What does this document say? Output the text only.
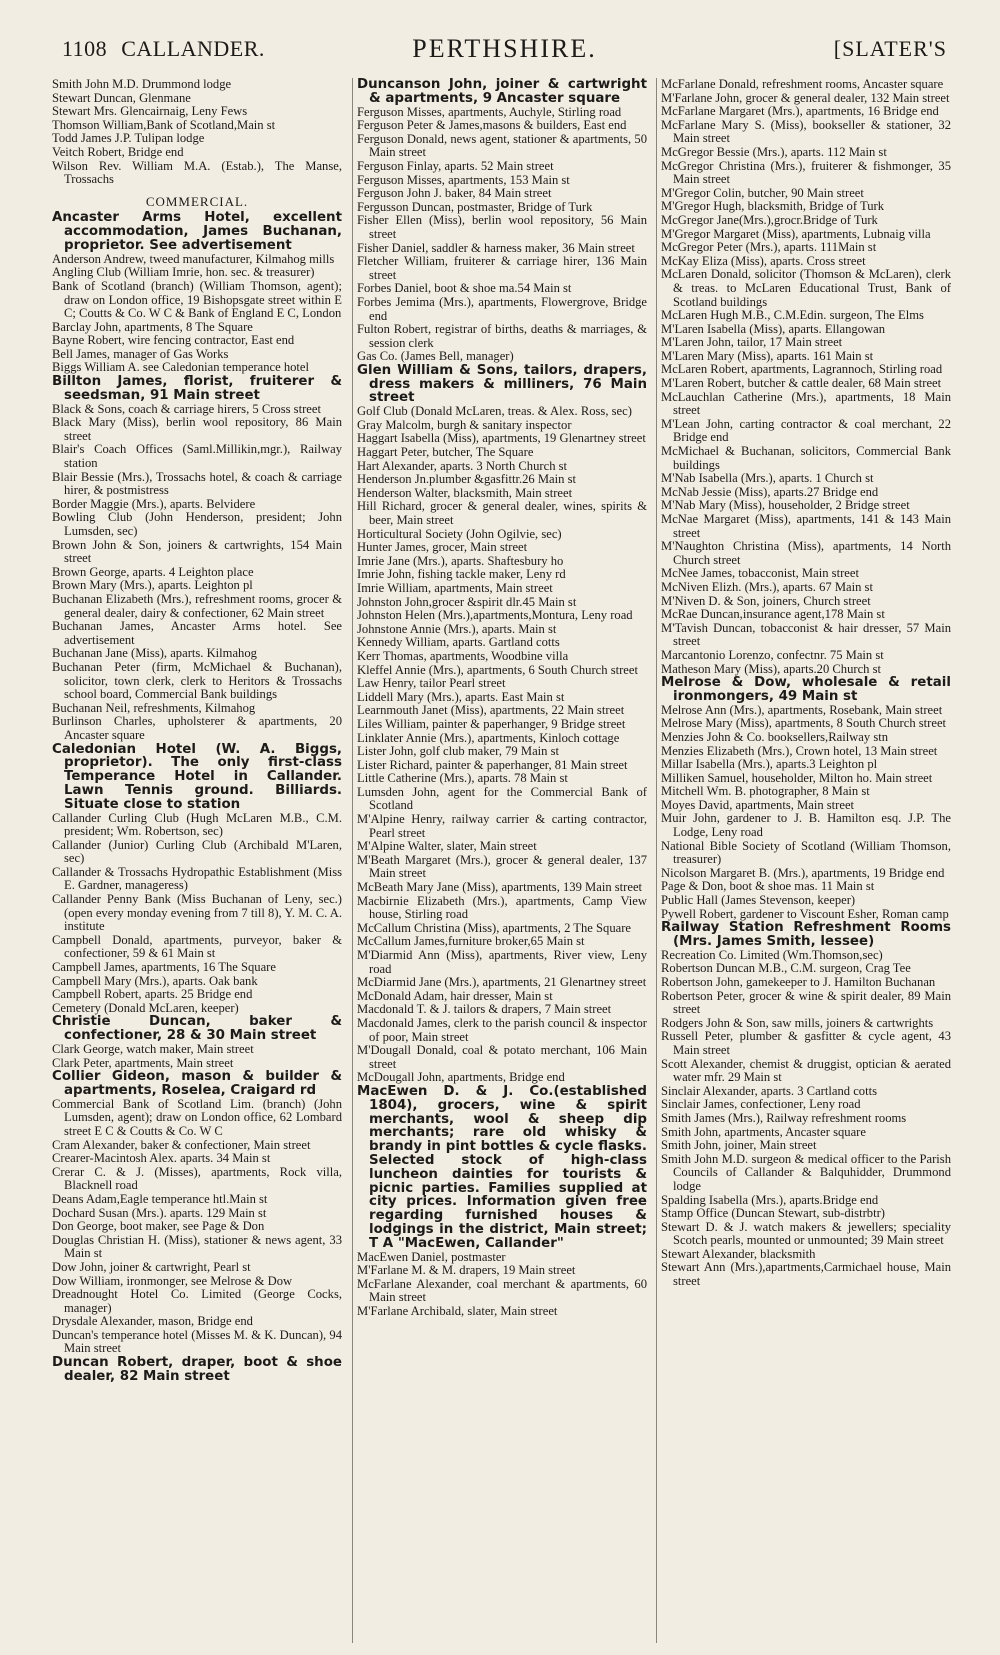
1108 CALLANDER.	PERTHSHIRE.	[SLATER'S
Smith John M.D. Drummond lodge
Stewart Duncan, Glenmane
Stewart Mrs. Glencairnaig, Leny Fews
Thomson William,Bank of Scotland,Main st
Todd James J.P. Tulipan lodge
Veitch Robert, Bridge end
Wilson Rev. William M.A. (Estab.), The Manse, Trossachs
COMMERCIAL.
Ancaster Arms Hotel, excellent accommodation, James Buchanan, proprietor. See advertisement
Anderson Andrew, tweed manufacturer, Kilmahog mills
Angling Club (William Imrie, hon. sec. & treasurer)
Bank of Scotland (branch) (William Thomson, agent); draw on London office, 19 Bishopsgate street within E C; Coutts & Co. W C & Bank of England E C, London
Barclay John, apartments, 8 The Square
Bayne Robert, wire fencing contractor, East end
Bell James, manager of Gas Works
Biggs William A. see Caledonian temperance hotel
Billton James, florist, fruiterer & seedsman, 91 Main street
Black & Sons, coach & carriage hirers, 5 Cross street
Black Mary (Miss), berlin wool repository, 86 Main street
Blair's Coach Offices (Saml.Millikin,mgr.), Railway station
Blair Bessie (Mrs.), Trossachs hotel, & coach & carriage hirer, & postmistress
Border Maggie (Mrs.), aparts. Belvidere
Bowling Club (John Henderson, president; John Lumsden, sec)
Brown John & Son, joiners & cartwrights, 154 Main street
Brown George, aparts. 4 Leighton place
Brown Mary (Mrs.), aparts. Leighton pl
Buchanan Elizabeth (Mrs.), refreshment rooms, grocer & general dealer, dairy & confectioner, 62 Main street
Buchanan James, Ancaster Arms hotel. See advertisement
Buchanan Jane (Miss), aparts. Kilmahog
Buchanan Peter (firm, McMichael & Buchanan), solicitor, town clerk, clerk to Heritors & Trossachs school board, Commercial Bank buildings
Buchanan Neil, refreshments, Kilmahog
Burlinson Charles, upholsterer & apartments, 20 Ancaster square
Caledonian Hotel (W. A. Biggs, proprietor). The only first-class Temperance Hotel in Callander. Lawn Tennis ground. Billiards. Situate close to station
Callander Curling Club (Hugh McLaren M.B., C.M. president; Wm. Robertson, sec)
Callander (Junior) Curling Club (Archibald M'Laren, sec)
Callander & Trossachs Hydropathic Establishment (Miss E. Gardner, manageress)
Callander Penny Bank (Miss Buchanan of Leny, sec.) (open every monday evening from 7 till 8), Y. M. C. A. institute
Campbell Donald, apartments, purveyor, baker & confectioner, 59 & 61 Main st
Campbell James, apartments, 16 The Square
Campbell Mary (Mrs.), aparts. Oak bank
Campbell Robert, aparts. 25 Bridge end
Cemetery (Donald McLaren, keeper)
Christie Duncan, baker & confectioner, 28 & 30 Main street
Clark George, watch maker, Main street
Clark Peter, apartments, Main street
Collier Gideon, mason & builder & apartments, Roselea, Craigard rd
Commercial Bank of Scotland Lim. (branch) (John Lumsden, agent); draw on London office, 62 Lombard street E C & Coutts & Co. W C
Cram Alexander, baker & confectioner, Main street
Crearer-Macintosh Alex. aparts. 34 Main st
Crerar C. & J. (Misses), apartments, Rock villa, Blacknell road
Deans Adam,Eagle temperance htl.Main st
Dochard Susan (Mrs.). aparts. 129 Main st
Don George, boot maker, see Page & Don
Douglas Christian H. (Miss), stationer & news agent, 33 Main st
Dow John, joiner & cartwright, Pearl st
Dow William, ironmonger, see Melrose & Dow
Dreadnought Hotel Co. Limited (George Cocks, manager)
Drysdale Alexander, mason, Bridge end
Duncan's temperance hotel (Misses M. & K. Duncan), 94 Main street
Duncan Robert, draper, boot & shoe dealer, 82 Main street
Duncanson John, joiner & cartwright & apartments, 9 Ancaster square
Ferguson Misses, apartments, Auchyle, Stirling road
Ferguson Peter & James,masons & builders, East end
Ferguson Donald, news agent, stationer & apartments, 50 Main street
Ferguson Finlay, aparts. 52 Main street
Ferguson Misses, apartments, 153 Main st
Ferguson John J. baker, 84 Main street
Fergusson Duncan, postmaster, Bridge of Turk
Fisher Ellen (Miss), berlin wool repository, 56 Main street
Fisher Daniel, saddler & harness maker, 36 Main street
Fletcher William, fruiterer & carriage hirer, 136 Main street
Forbes Daniel, boot & shoe ma.54 Main st
Forbes Jemima (Mrs.), apartments, Flowergrove, Bridge end
Fulton Robert, registrar of births, deaths & marriages, & session clerk
Gas Co. (James Bell, manager)
Glen William & Sons, tailors, drapers, dress makers & milliners, 76 Main street
Golf Club (Donald McLaren, treas. & Alex. Ross, sec)
Gray Malcolm, burgh & sanitary inspector
Haggart Isabella (Miss), apartments, 19 Glenartney street
Haggart Peter, butcher, The Square
Hart Alexander, aparts. 3 North Church st
Henderson Jn.plumber &gasfittr.26 Main st
Henderson Walter, blacksmith, Main street
Hill Richard, grocer & general dealer, wines, spirits & beer, Main street
Horticultural Society (John Ogilvie, sec)
Hunter James, grocer, Main street
Imrie Jane (Mrs.), aparts. Shaftesbury ho
Imrie John, fishing tackle maker, Leny rd
Imrie William, apartments, Main street
Johnston John,grocer &spirit dlr.45 Main st
Johnston Helen (Mrs.),apartments,Montura, Leny road
Johnstone Annie (Mrs.), aparts. Main st
Kennedy William, aparts. Gartland cotts
Kerr Thomas, apartments, Woodbine villa
Kleffel Annie (Mrs.), apartments, 6 South Church street
Law Henry, tailor Pearl street
Liddell Mary (Mrs.), aparts. East Main st
Learnmouth Janet (Miss), apartments, 22 Main street
Liles William, painter & paperhanger, 9 Bridge street
Linklater Annie (Mrs.), apartments, Kinloch cottage
Lister John, golf club maker, 79 Main st
Lister Richard, painter & paperhanger, 81 Main street
Little Catherine (Mrs.), aparts. 78 Main st
Lumsden John, agent for the Commercial Bank of Scotland
M'Alpine Henry, railway carrier & carting contractor, Pearl street
M'Alpine Walter, slater, Main street
M'Beath Margaret (Mrs.), grocer & general dealer, 137 Main street
McBeath Mary Jane (Miss), apartments, 139 Main street
Macbirnie Elizabeth (Mrs.), apartments, Camp View house, Stirling road
McCallum Christina (Miss), apartments, 2 The Square
McCallum James,furniture broker,65 Main st
M'Diarmid Ann (Miss), apartments, River view, Leny road
McDiarmid Jane (Mrs.), apartments, 21 Glenartney street
McDonald Adam, hair dresser, Main st
Macdonald T. & J. tailors & drapers, 7 Main street
Macdonald James, clerk to the parish council & inspector of poor, Main street
M'Dougall Donald, coal & potato merchant, 106 Main street
McDougall John, apartments, Bridge end
MacEwen D. & J. Co.(established 1804), grocers, wine & spirit merchants, wool & sheep dip merchants; rare old whisky & brandy in pint bottles & cycle flasks. Selected stock of high-class luncheon dainties for tourists & picnic parties. Families supplied at city prices. Information given free regarding furnished houses & lodgings in the district, Main street; T A "MacEwen, Callander"
MacEwen Daniel, postmaster
M'Farlane M. & M. drapers, 19 Main street
McFarlane Alexander, coal merchant & apartments, 60 Main street
M'Farlane Archibald, slater, Main street
McFarlane Donald, refreshment rooms, Ancaster square
M'Farlane John, grocer & general dealer, 132 Main street
McFarlane Margaret (Mrs.), apartments, 16 Bridge end
McFarlane Mary S. (Miss), bookseller & stationer, 32 Main street
McGregor Bessie (Mrs.), aparts. 112 Main st
McGregor Christina (Mrs.), fruiterer & fishmonger, 35 Main street
M'Gregor Colin, butcher, 90 Main street
M'Gregor Hugh, blacksmith, Bridge of Turk
McGregor Jane(Mrs.),grocr.Bridge of Turk
M'Gregor Margaret (Miss), apartments, Lubnaig villa
McGregor Peter (Mrs.), aparts. 111Main st
McKay Eliza (Miss), aparts. Cross street
McLaren Donald, solicitor (Thomson & McLaren), clerk & treas. to McLaren Educational Trust, Bank of Scotland buildings
McLaren Hugh M.B., C.M.Edin. surgeon, The Elms
M'Laren Isabella (Miss), aparts. Ellangowan
M'Laren John, tailor, 17 Main street
M'Laren Mary (Miss), aparts. 161 Main st
McLaren Robert, apartments, Lagrannoch, Stirling road
M'Laren Robert, butcher & cattle dealer, 68 Main street
McLauchlan Catherine (Mrs.), apartments, 18 Main street
M'Lean John, carting contractor & coal merchant, 22 Bridge end
McMichael & Buchanan, solicitors, Commercial Bank buildings
M'Nab Isabella (Mrs.), aparts. 1 Church st
McNab Jessie (Miss), aparts.27 Bridge end
M'Nab Mary (Miss), householder, 2 Bridge street
McNae Margaret (Miss), apartments, 141 & 143 Main street
M'Naughton Christina (Miss), apartments, 14 North Church street
McNee James, tobacconist, Main street
McNiven Elizh. (Mrs.), aparts. 67 Main st
M'Niven D. & Son, joiners, Church street
McRae Duncan,insurance agent,178 Main st
M'Tavish Duncan, tobacconist & hair dresser, 57 Main street
Marcantonio Lorenzo, confectnr. 75 Main st
Matheson Mary (Miss), aparts.20 Church st
Melrose & Dow, wholesale & retail ironmongers, 49 Main st
Melrose Ann (Mrs.), apartments, Rosebank, Main street
Melrose Mary (Miss), apartments, 8 South Church street
Menzies John & Co. booksellers,Railway stn
Menzies Elizabeth (Mrs.), Crown hotel, 13 Main street
Millar Isabella (Mrs.), aparts.3 Leighton pl
Milliken Samuel, householder, Milton ho. Main street
Mitchell Wm. B. photographer, 8 Main st
Moyes David, apartments, Main street
Muir John, gardener to J. B. Hamilton esq. J.P. The Lodge, Leny road
National Bible Society of Scotland (William Thomson, treasurer)
Nicolson Margaret B. (Mrs.), apartments, 19 Bridge end
Page & Don, boot & shoe mas. 11 Main st
Public Hall (James Stevenson, keeper)
Pywell Robert, gardener to Viscount Esher, Roman camp
Railway Station Refreshment Rooms (Mrs. James Smith, lessee)
Recreation Co. Limited (Wm.Thomson,sec)
Robertson Duncan M.B., C.M. surgeon, Crag Tee
Robertson John, gamekeeper to J. Hamilton Buchanan
Robertson Peter, grocer & wine & spirit dealer, 89 Main street
Rodgers John & Son, saw mills, joiners & cartwrights
Russell Peter, plumber & gasfitter & cycle agent, 43 Main street
Scott Alexander, chemist & druggist, optician & aerated water mfr. 29 Main st
Sinclair Alexander, aparts. 3 Cartland cotts
Sinclair James, confectioner, Leny road
Smith James (Mrs.), Railway refreshment rooms
Smith John, apartments, Ancaster square
Smith John, joiner, Main street
Smith John M.D. surgeon & medical officer to the Parish Councils of Callander & Balquhidder, Drummond lodge
Spalding Isabella (Mrs.), aparts.Bridge end
Stamp Office (Duncan Stewart, sub-distrbtr)
Stewart D. & J. watch makers & jewellers; speciality Scotch pearls, mounted or unmounted; 39 Main street
Stewart Alexander, blacksmith
Stewart Ann (Mrs.),apartments,Carmichael house, Main street
